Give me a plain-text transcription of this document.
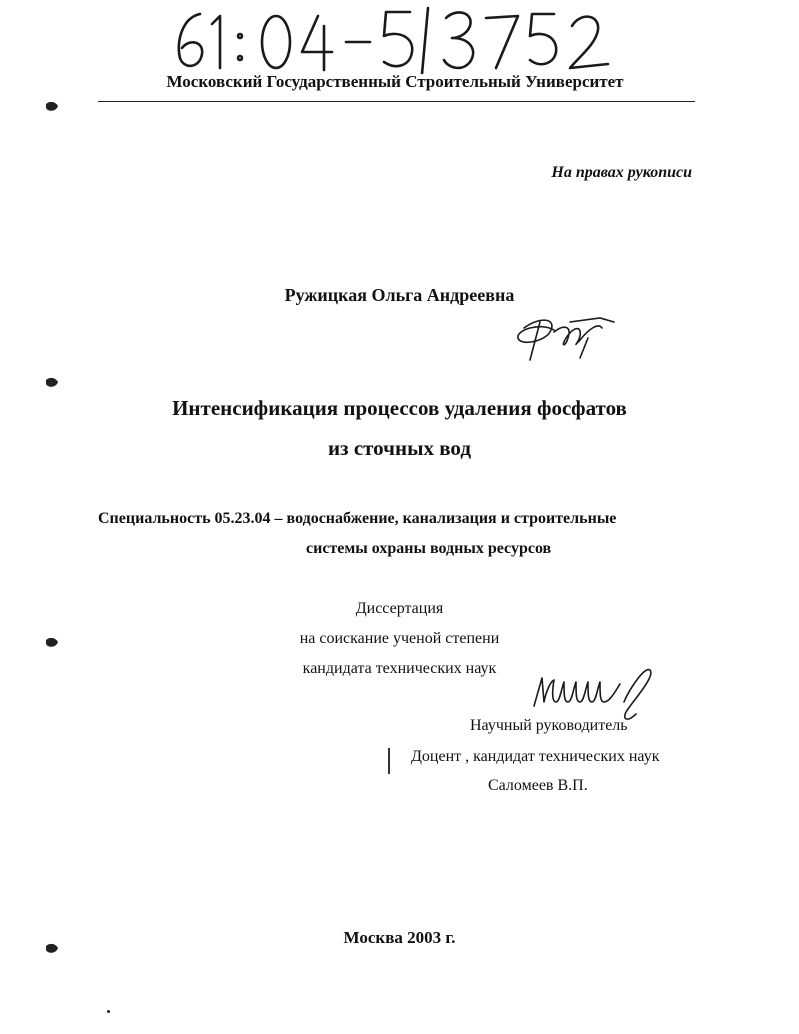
Московский Государственный Строительный Университет
На правах рукописи
Ружицкая Ольга Андреевна
Интенсификация процессов удаления фосфатов
из сточных вод
Специальность 05.23.04 – водоснабжение, канализация и строительные
системы охраны водных ресурсов
Диссертация
на соискание ученой степени
кандидата технических наук
Научный руководитель
Доцент , кандидат технических наук
Саломеев В.П.
Москва 2003 г.
